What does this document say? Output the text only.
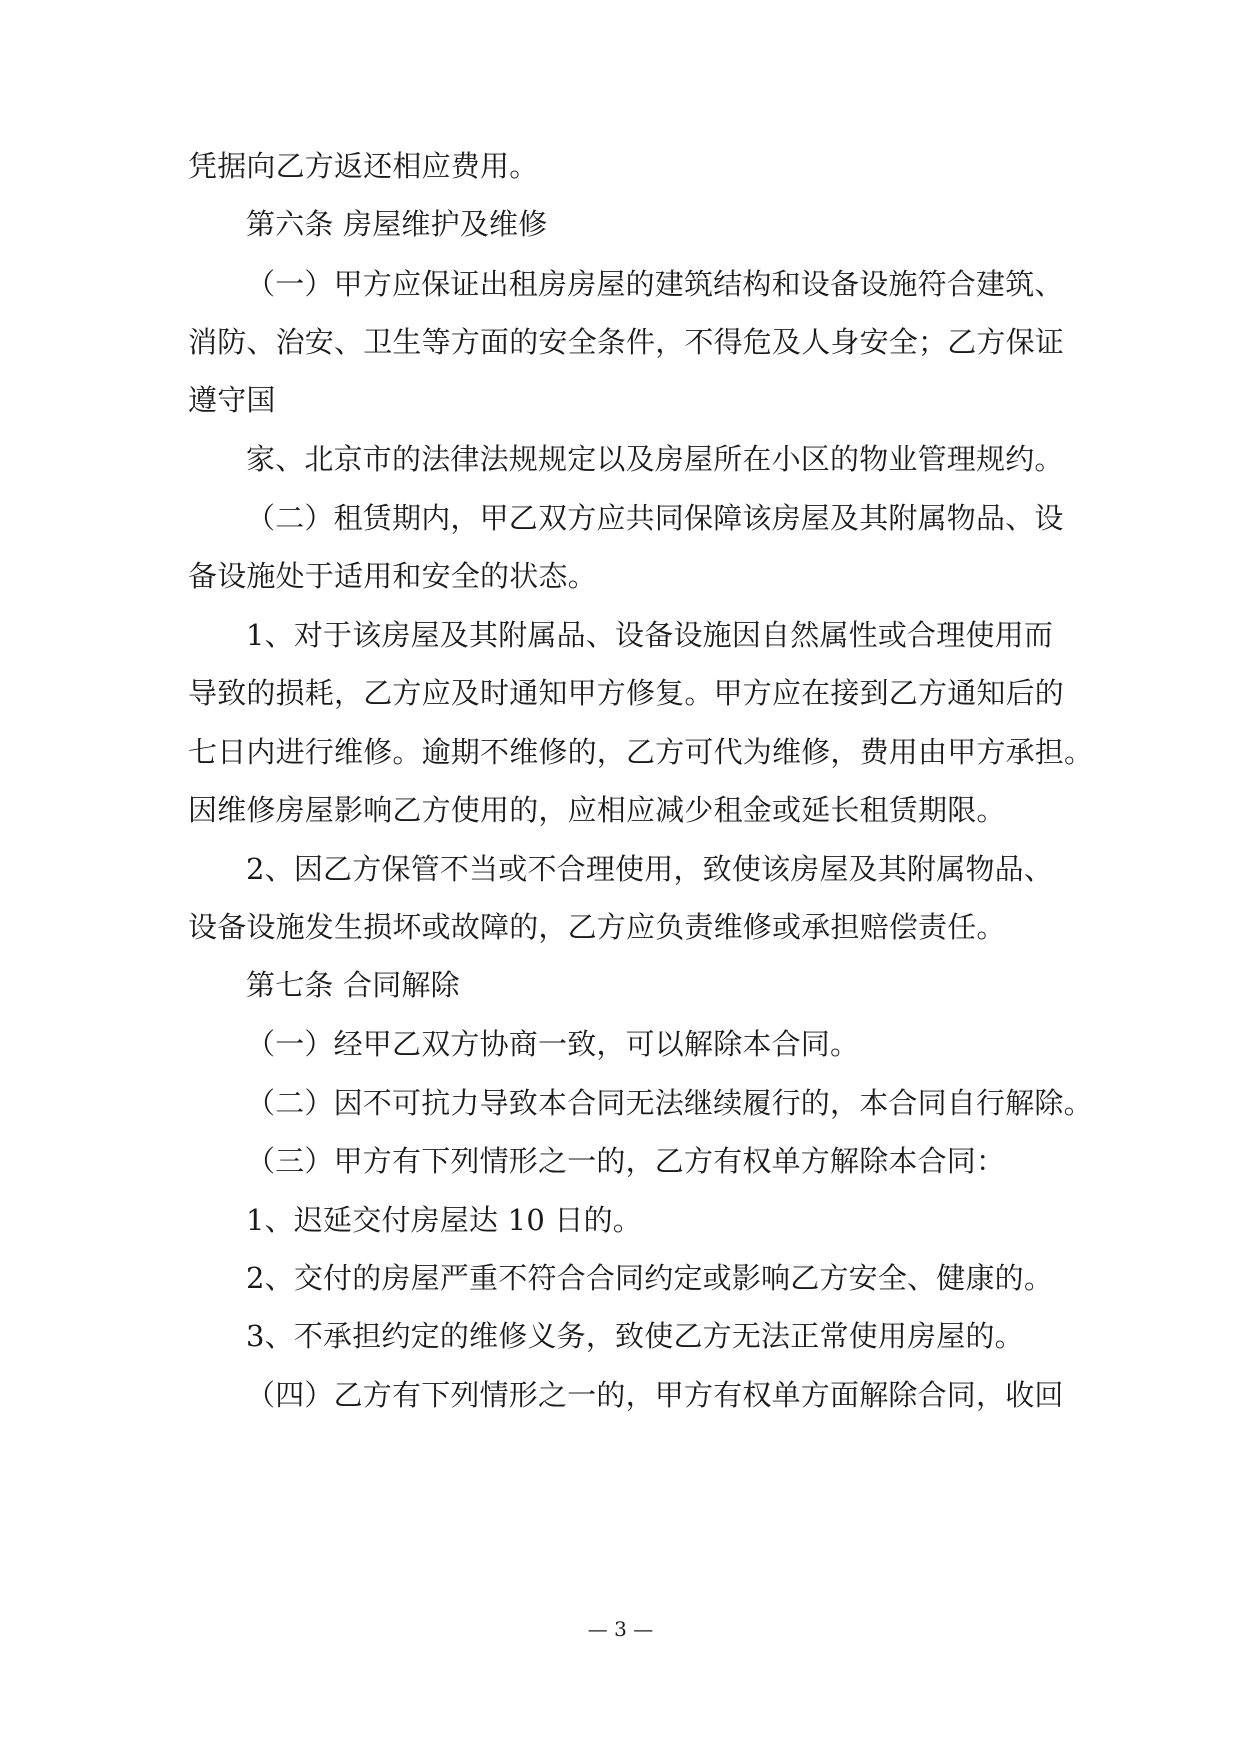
凭据向乙方返还相应费用。
第六条 房屋维护及维修
（一）甲方应保证出租房房屋的建筑结构和设备设施符合建筑、
消防、治安、卫生等方面的安全条件，不得危及人身安全；乙方保证
遵守国
家、北京市的法律法规规定以及房屋所在小区的物业管理规约。
（二）租赁期内，甲乙双方应共同保障该房屋及其附属物品、设
备设施处于适用和安全的状态。
1、对于该房屋及其附属品、设备设施因自然属性或合理使用而
导致的损耗，乙方应及时通知甲方修复。甲方应在接到乙方通知后的
七日内进行维修。逾期不维修的，乙方可代为维修，费用由甲方承担。
因维修房屋影响乙方使用的，应相应减少租金或延长租赁期限。
2、因乙方保管不当或不合理使用，致使该房屋及其附属物品、
设备设施发生损坏或故障的，乙方应负责维修或承担赔偿责任。
第七条 合同解除
（一）经甲乙双方协商一致，可以解除本合同。
（二）因不可抗力导致本合同无法继续履行的，本合同自行解除。
（三）甲方有下列情形之一的，乙方有权单方解除本合同：
1、迟延交付房屋达 10 日的。
2、交付的房屋严重不符合合同约定或影响乙方安全、健康的。
3、不承担约定的维修义务，致使乙方无法正常使用房屋的。
（四）乙方有下列情形之一的，甲方有权单方面解除合同，收回
— 3 —
